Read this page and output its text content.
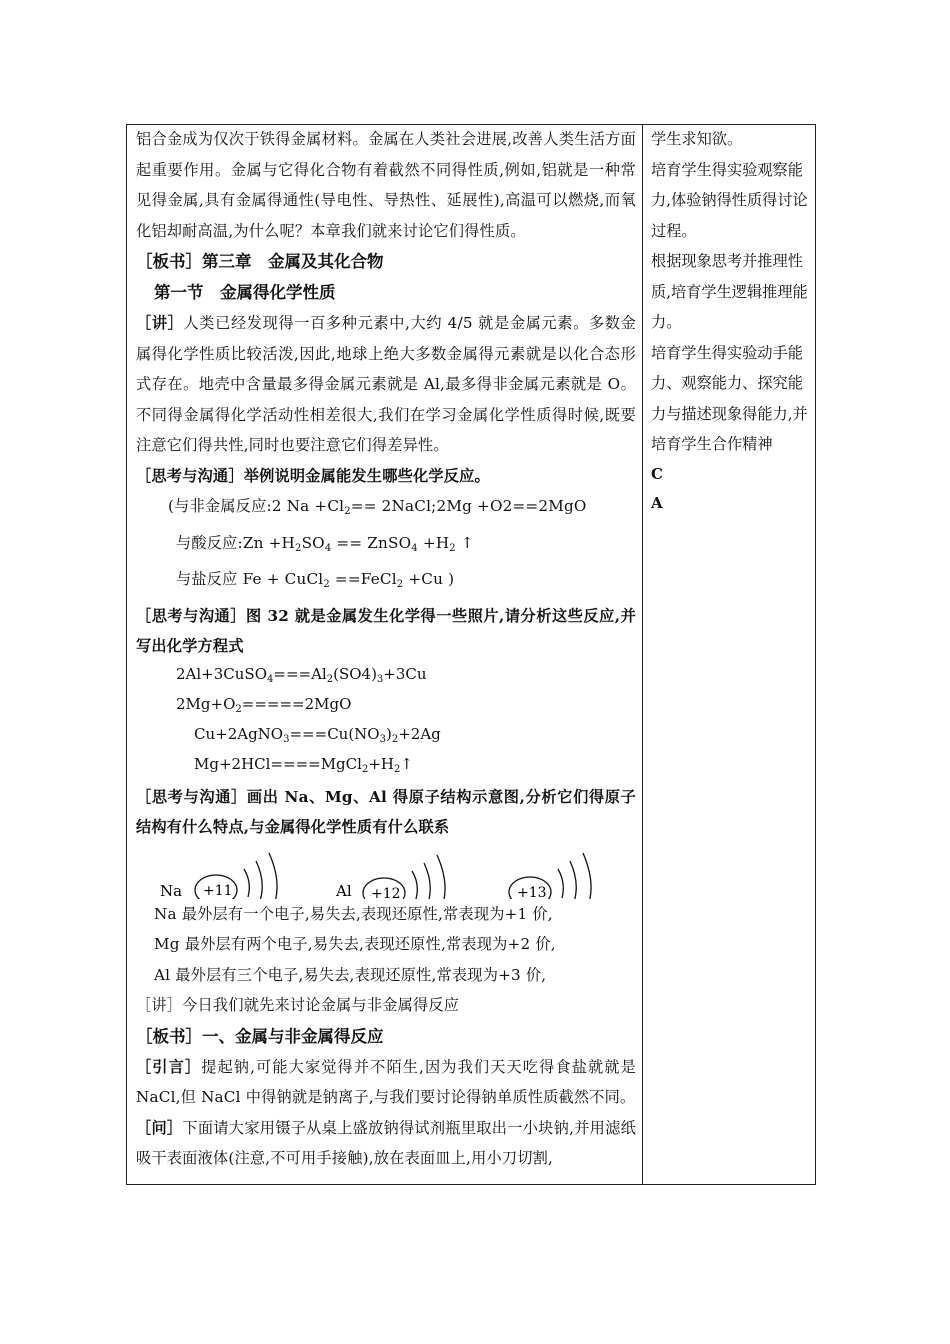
铝合金成为仅次于铁得金属材料。金属在人类社会进展,改善人类生活方面起重要作用。金属与它得化合物有着截然不同得性质,例如,铝就是一种常见得金属,具有金属得通性(导电性、导热性、延展性),高温可以燃烧,而氧化铝却耐高温,为什么呢？本章我们就来讨论它们得性质。

［板书］第三章　金属及其化合物

第一节　金属得化学性质

［讲］人类已经发现得一百多种元素中,大约 4/5 就是金属元素。多数金属得化学性质比较活泼,因此,地球上绝大多数金属得元素就是以化合态形式存在。地壳中含量最多得金属元素就是 Al,最多得非金属元素就是 O。不同得金属得化学活动性相差很大,我们在学习金属化学性质得时候,既要注意它们得共性,同时也要注意它们得差异性。

［思考与沟通］举例说明金属能发生哪些化学反应。

(与非金属反应:2 $Na +Cl_2==$ 2NaCl;2Mg +O2==2MgO

与酸反应:Zn $+H_2SO_4$ == ZnSO$_4$ $+H_2$ ↑

与盐反应 Fe + CuCl$_2$ ==FeCl$_2$ +Cu )

［思考与沟通］图 32 就是金属发生化学得一些照片,请分析这些反应,并写出化学方程式

$2Al+3CuSO_4===Al_2(SO4)_3+3Cu$

$2Mg+O_2=====2MgO$

$Cu+2AgNO_3===Cu(NO_3)_2+2Ag$

$Mg+2HCl====MgCl_2+H_2↑$

［思考与沟通］画出 Na、Mg、Al 得原子结构示意图,分析它们得原子结构有什么特点,与金属得化学性质有什么联系

Na +11	Al +12	+13

Na 最外层有一个电子,易失去,表现还原性,常表现为+1 价,

Mg 最外层有两个电子,易失去,表现还原性,常表现为+2 价,

Al 最外层有三个电子,易失去,表现还原性,常表现为+3 价,

［讲］今日我们就先来讨论金属与非金属得反应

［板书］一、金属与非金属得反应

［引言］提起钠,可能大家觉得并不陌生,因为我们天天吃得食盐就就是 NaCl,但 NaCl 中得钠就是钠离子,与我们要讨论得钠单质性质截然不同。

［问］下面请大家用镊子从桌上盛放钠得试剂瓶里取出一小块钠,并用滤纸吸干表面液体(注意,不可用手接触),放在表面皿上,用小刀切割,

学生求知欲。

培育学生得实验观察能力,体验钠得性质得讨论过程。

根据现象思考并推理性质,培育学生逻辑推理能力。

培育学生得实验动手能力、观察能力、探究能力与描述现象得能力,并培育学生合作精神

C

A
